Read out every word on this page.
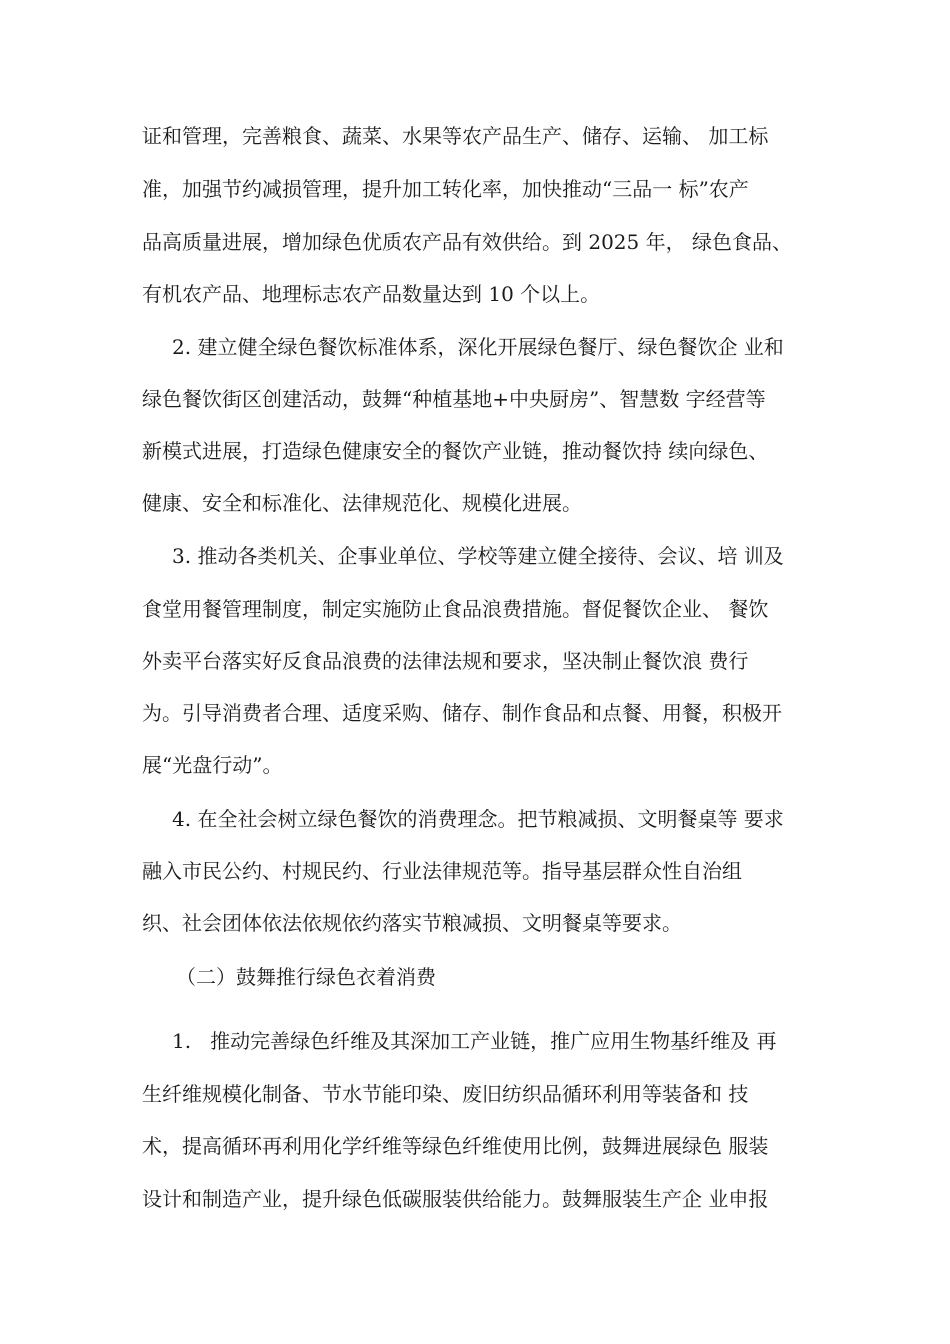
证和管理，完善粮食、蔬菜、水果等农产品生产、储存、运输、 加工标
准，加强节约减损管理，提升加工转化率，加快推动“三品一 标”农产
品高质量进展，增加绿色优质农产品有效供给。到 2025 年， 绿色食品、
有机农产品、地理标志农产品数量达到 10 个以上。
2. 建立健全绿色餐饮标准体系，深化开展绿色餐厅、绿色餐饮企 业和
绿色餐饮街区创建活动，鼓舞“种植基地+中央厨房”、智慧数 字经营等
新模式进展，打造绿色健康安全的餐饮产业链，推动餐饮持 续向绿色、
健康、安全和标准化、法律规范化、规模化进展。
3. 推动各类机关、企事业单位、学校等建立健全接待、会议、培 训及
食堂用餐管理制度，制定实施防止食品浪费措施。督促餐饮企业、 餐饮
外卖平台落实好反食品浪费的法律法规和要求，坚决制止餐饮浪 费行
为。引导消费者合理、适度采购、储存、制作食品和点餐、用餐，积极开
展“光盘行动”。
4. 在全社会树立绿色餐饮的消费理念。把节粮减损、文明餐桌等 要求
融入市民公约、村规民约、行业法律规范等。指导基层群众性自治组
织、社会团体依法依规依约落实节粮减损、文明餐桌等要求。
（二）鼓舞推行绿色衣着消费
1.   推动完善绿色纤维及其深加工产业链，推广应用生物基纤维及 再
生纤维规模化制备、节水节能印染、废旧纺织品循环利用等装备和 技
术，提高循环再利用化学纤维等绿色纤维使用比例，鼓舞进展绿色 服装
设计和制造产业，提升绿色低碳服装供给能力。鼓舞服装生产企 业申报
